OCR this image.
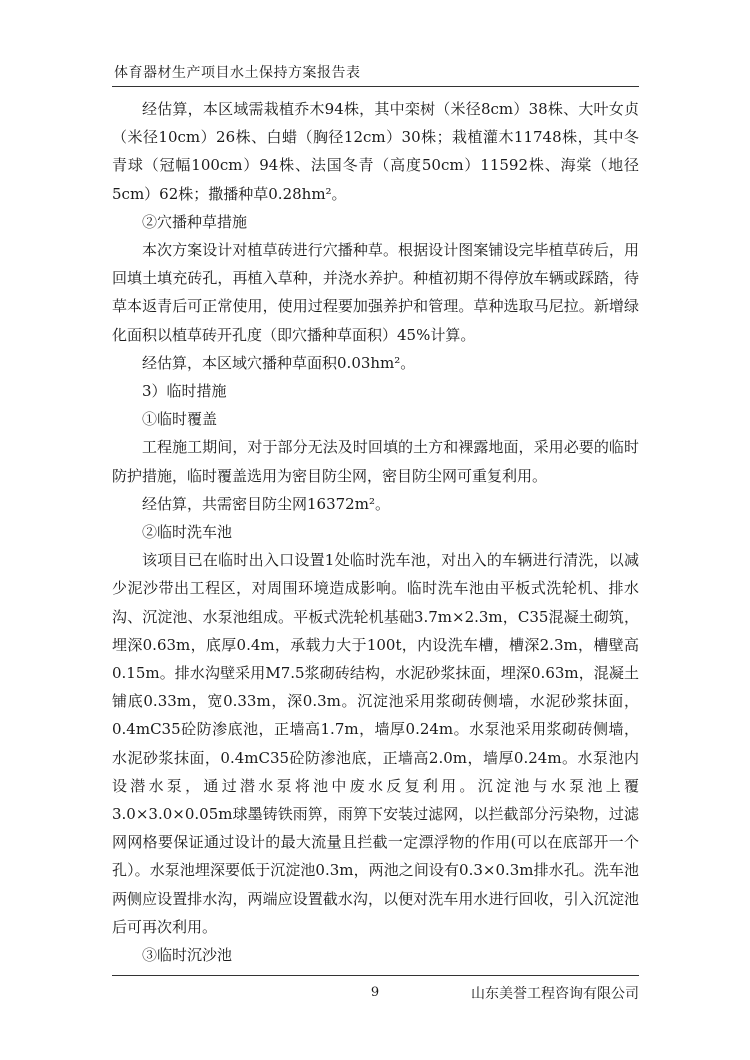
体育器材生产项目水土保持方案报告表

经估算，本区域需栽植乔木94株，其中栾树（米径8cm）38株、大叶女贞（米径10cm）26株、白蜡（胸径12cm）30株；栽植灌木11748株，其中冬青球（冠幅100cm）94株、法国冬青（高度50cm）11592株、海棠（地径5cm）62株；撒播种草0.28hm²。

②穴播种草措施

本次方案设计对植草砖进行穴播种草。根据设计图案铺设完毕植草砖后，用回填土填充砖孔，再植入草种，并浇水养护。种植初期不得停放车辆或踩踏，待草本返青后可正常使用，使用过程要加强养护和管理。草种选取马尼拉。新增绿化面积以植草砖开孔度（即穴播种草面积）45%计算。

经估算，本区域穴播种草面积0.03hm²。

3）临时措施

①临时覆盖

工程施工期间，对于部分无法及时回填的土方和裸露地面，采用必要的临时防护措施，临时覆盖选用为密目防尘网，密目防尘网可重复利用。

经估算，共需密目防尘网16372m²。

②临时洗车池

该项目已在临时出入口设置1处临时洗车池，对出入的车辆进行清洗，以减少泥沙带出工程区，对周围环境造成影响。临时洗车池由平板式洗轮机、排水沟、沉淀池、水泵池组成。平板式洗轮机基础3.7m×2.3m，C35混凝土砌筑，埋深0.63m，底厚0.4m，承载力大于100t，内设洗车槽，槽深2.3m，槽壁高0.15m。排水沟壁采用M7.5浆砌砖结构，水泥砂浆抹面，埋深0.63m，混凝土铺底0.33m，宽0.33m，深0.3m。沉淀池采用浆砌砖侧墙，水泥砂浆抹面，0.4mC35砼防渗底池，正墙高1.7m，墙厚0.24m。水泵池采用浆砌砖侧墙，水泥砂浆抹面，0.4mC35砼防渗池底，正墙高2.0m，墙厚0.24m。水泵池内设潜水泵，通过潜水泵将池中废水反复利用。沉淀池与水泵池上覆3.0×3.0×0.05m球墨铸铁雨箅，雨箅下安装过滤网，以拦截部分污染物，过滤网网格要保证通过设计的最大流量且拦截一定漂浮物的作用(可以在底部开一个孔）。水泵池埋深要低于沉淀池0.3m，两池之间设有0.3×0.3m排水孔。洗车池两侧应设置排水沟，两端应设置截水沟，以便对洗车用水进行回收，引入沉淀池后可再次利用。

③临时沉沙池

9	山东美誉工程咨询有限公司
